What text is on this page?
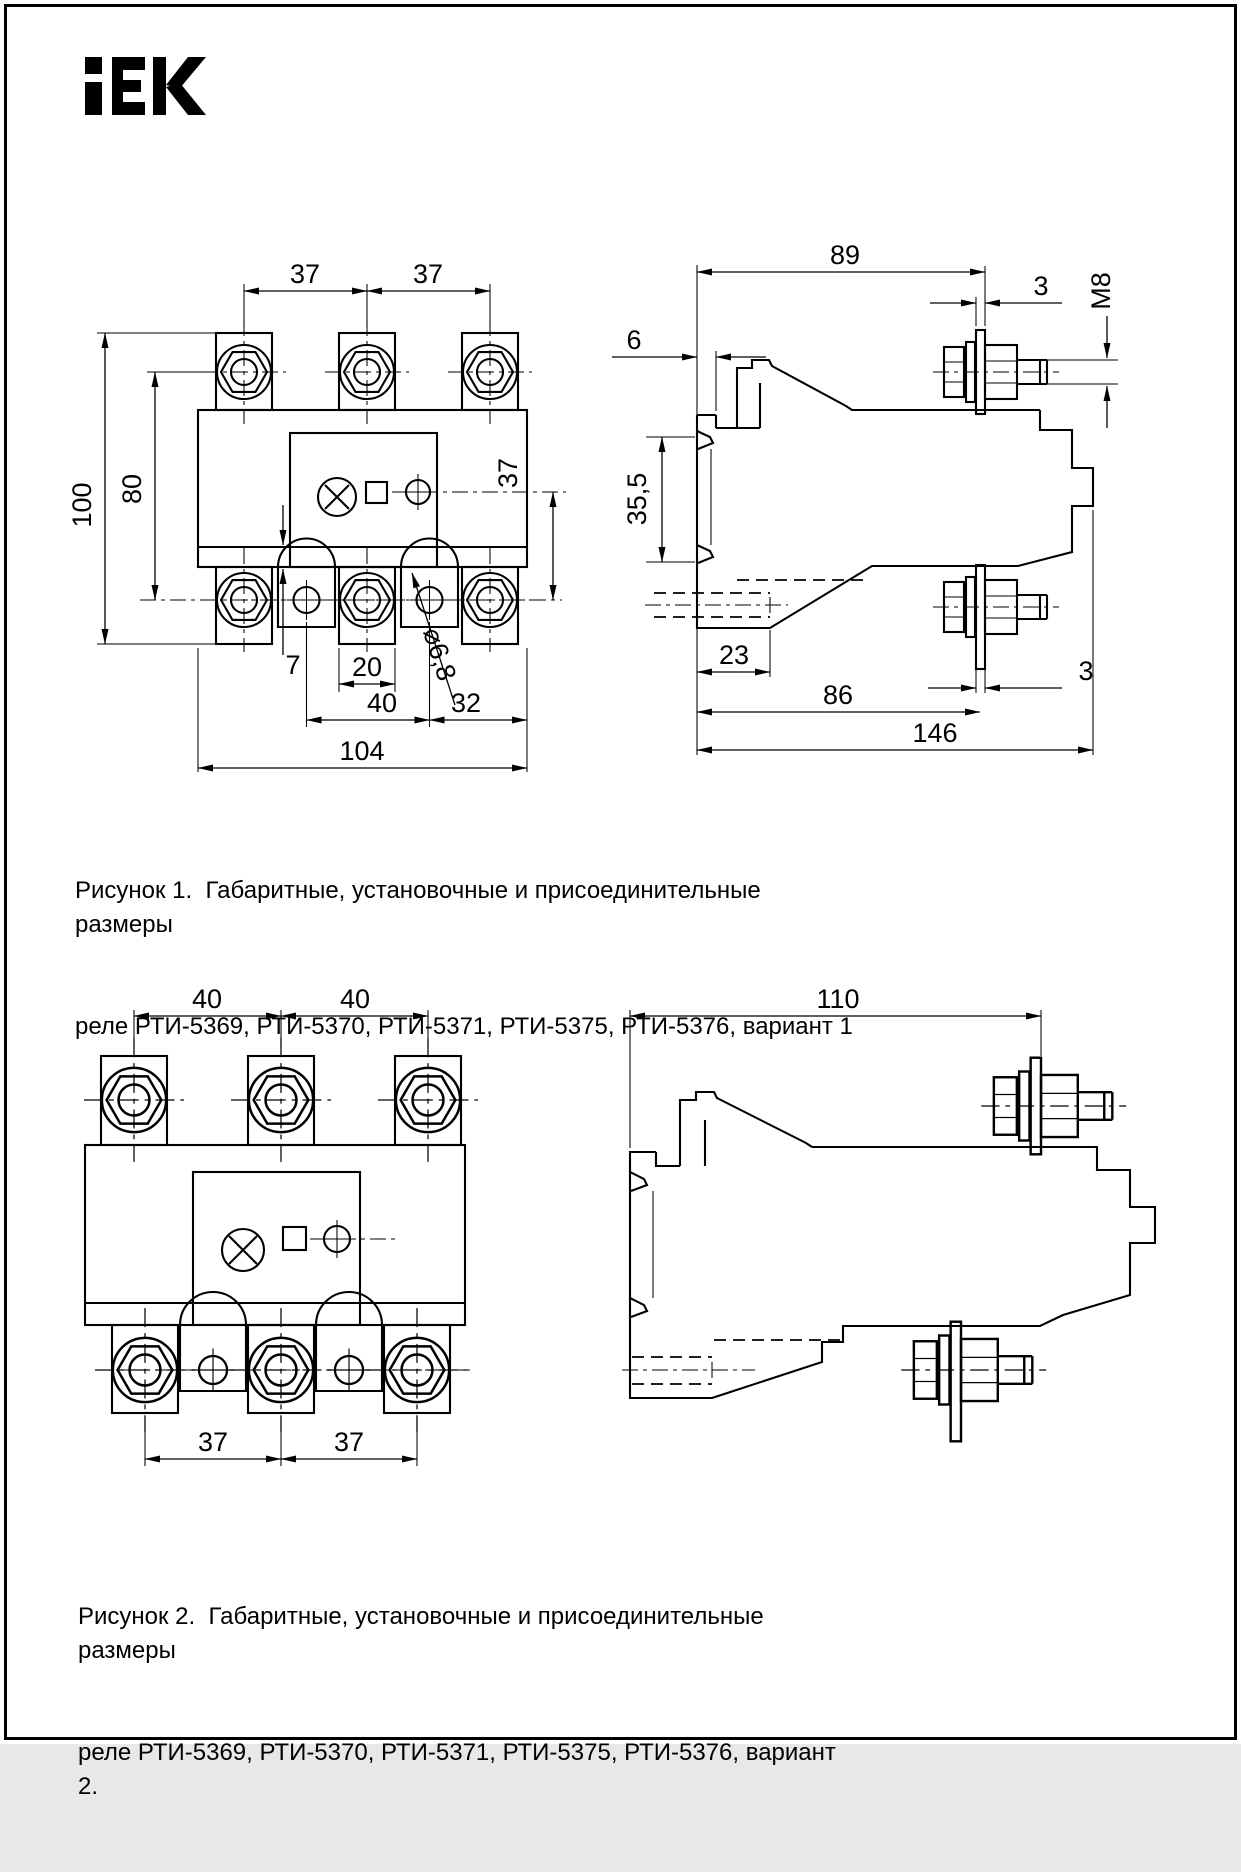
37	37
100 80
37
7 20
40 32
104
⌀6,8
89
3 M8
6
35,5
23
3
86
146
40	40
37	37
110

Рисунок 1.  Габаритные, установочные и присоединительные размеры

реле РТИ-5369, РТИ-5370, РТИ-5371, РТИ-5375, РТИ-5376, вариант 1

Рисунок 2.  Габаритные, установочные и присоединительные размеры

реле РТИ-5369, РТИ-5370, РТИ-5371, РТИ-5375, РТИ-5376, вариант 2.
